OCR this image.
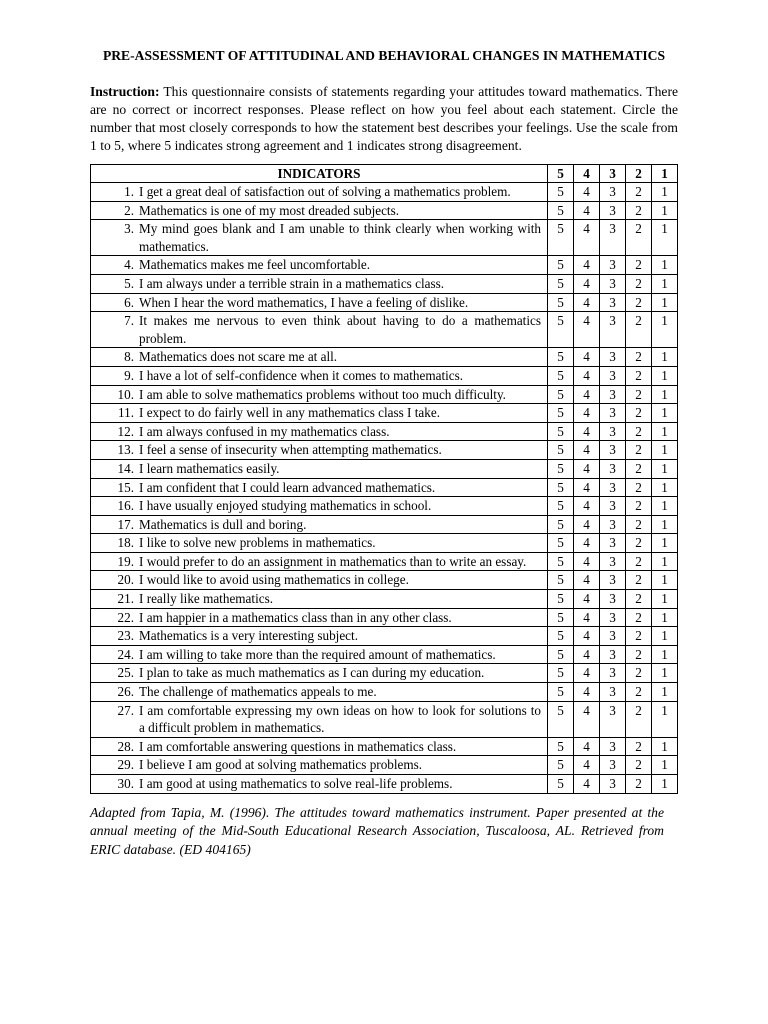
PRE-ASSESSMENT OF ATTITUDINAL AND BEHAVIORAL CHANGES IN MATHEMATICS
Instruction: This questionnaire consists of statements regarding your attitudes toward mathematics. There are no correct or incorrect responses. Please reflect on how you feel about each statement. Circle the number that most closely corresponds to how the statement best describes your feelings. Use the scale from 1 to 5, where 5 indicates strong agreement and 1 indicates strong disagreement.
INDICATORS	5	4	3	2	1

1. I get a great deal of satisfaction out of solving a mathematics problem.	5	4	3	2	1

2. Mathematics is one of my most dreaded subjects.	5	4	3	2	1

3. My mind goes blank and I am unable to think clearly when working with mathematics.	5	4	3	2	1

4. Mathematics makes me feel uncomfortable.	5	4	3	2	1

5. I am always under a terrible strain in a mathematics class.	5	4	3	2	1

6. When I hear the word mathematics, I have a feeling of dislike.	5	4	3	2	1

7. It makes me nervous to even think about having to do a mathematics problem.	5	4	3	2	1

8. Mathematics does not scare me at all.	5	4	3	2	1

9. I have a lot of self-confidence when it comes to mathematics.	5	4	3	2	1

10. I am able to solve mathematics problems without too much difficulty.	5	4	3	2	1

11. I expect to do fairly well in any mathematics class I take.	5	4	3	2	1

12. I am always confused in my mathematics class.	5	4	3	2	1

13. I feel a sense of insecurity when attempting mathematics.	5	4	3	2	1

14. I learn mathematics easily.	5	4	3	2	1

15. I am confident that I could learn advanced mathematics.	5	4	3	2	1

16. I have usually enjoyed studying mathematics in school.	5	4	3	2	1

17. Mathematics is dull and boring.	5	4	3	2	1

18. I like to solve new problems in mathematics.	5	4	3	2	1

19. I would prefer to do an assignment in mathematics than to write an essay.	5	4	3	2	1

20. I would like to avoid using mathematics in college.	5	4	3	2	1

21. I really like mathematics.	5	4	3	2	1

22. I am happier in a mathematics class than in any other class.	5	4	3	2	1

23. Mathematics is a very interesting subject.	5	4	3	2	1

24. I am willing to take more than the required amount of mathematics.	5	4	3	2	1

25. I plan to take as much mathematics as I can during my education.	5	4	3	2	1

26. The challenge of mathematics appeals to me.	5	4	3	2	1

27. I am comfortable expressing my own ideas on how to look for solutions to a difficult problem in mathematics.	5	4	3	2	1

28. I am comfortable answering questions in mathematics class.	5	4	3	2	1

29. I believe I am good at solving mathematics problems.	5	4	3	2	1

30. I am good at using mathematics to solve real-life problems.	5	4	3	2	1
Adapted from Tapia, M. (1996). The attitudes toward mathematics instrument. Paper presented at the annual meeting of the Mid-South Educational Research Association, Tuscaloosa, AL. Retrieved from ERIC database. (ED 404165)
